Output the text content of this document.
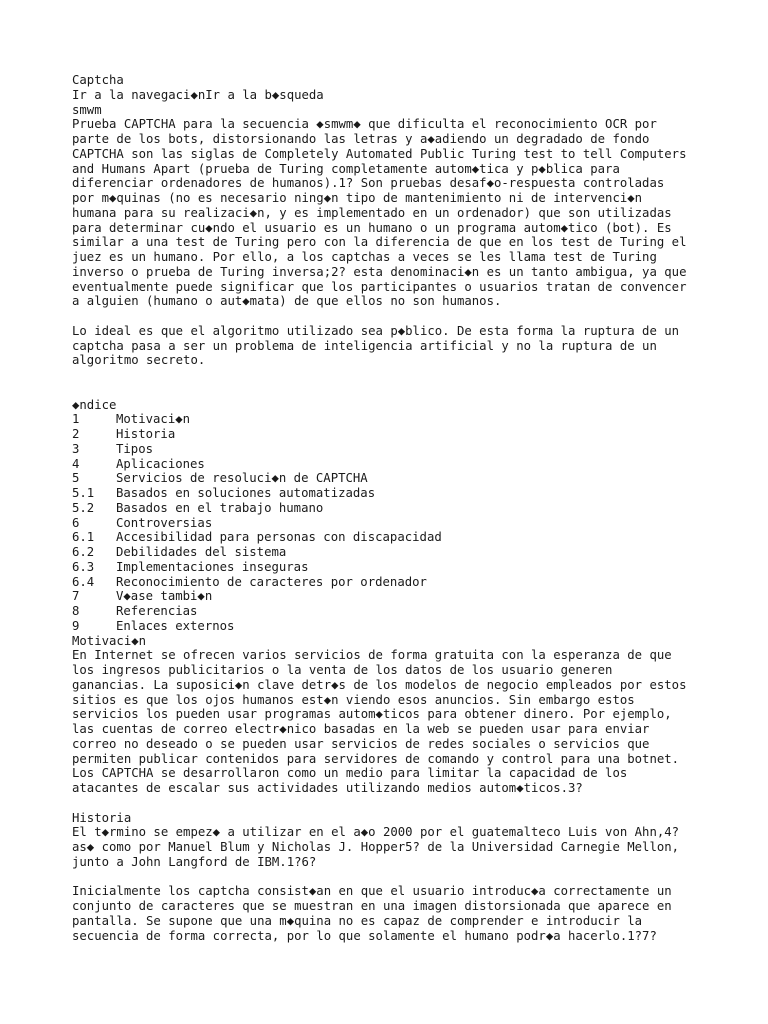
Captcha
Ir a la navegaci◆nIr a la b◆squeda
smwm
Prueba CAPTCHA para la secuencia ◆smwm◆ que dificulta el reconocimiento OCR por
parte de los bots, distorsionando las letras y a◆adiendo un degradado de fondo
CAPTCHA son las siglas de Completely Automated Public Turing test to tell Computers
and Humans Apart (prueba de Turing completamente autom◆tica y p◆blica para
diferenciar ordenadores de humanos).1? Son pruebas desaf◆o-respuesta controladas
por m◆quinas (no es necesario ning◆n tipo de mantenimiento ni de intervenci◆n
humana para su realizaci◆n, y es implementado en un ordenador) que son utilizadas
para determinar cu◆ndo el usuario es un humano o un programa autom◆tico (bot). Es
similar a una test de Turing pero con la diferencia de que en los test de Turing el
juez es un humano. Por ello, a los captchas a veces se les llama test de Turing
inverso o prueba de Turing inversa;2? esta denominaci◆n es un tanto ambigua, ya que
eventualmente puede significar que los participantes o usuarios tratan de convencer
a alguien (humano o aut◆mata) de que ellos no son humanos.
Lo ideal es que el algoritmo utilizado sea p◆blico. De esta forma la ruptura de un
captcha pasa a ser un problema de inteligencia artificial y no la ruptura de un
algoritmo secreto.
◆ndice
1	Motivaci◆n
2	Historia
3	Tipos
4	Aplicaciones
5	Servicios de resoluci◆n de CAPTCHA
5.1	Basados en soluciones automatizadas
5.2	Basados en el trabajo humano
6	Controversias
6.1	Accesibilidad para personas con discapacidad
6.2	Debilidades del sistema
6.3	Implementaciones inseguras
6.4	Reconocimiento de caracteres por ordenador
7	V◆ase tambi◆n
8	Referencias
9	Enlaces externos
Motivaci◆n
En Internet se ofrecen varios servicios de forma gratuita con la esperanza de que
los ingresos publicitarios o la venta de los datos de los usuario generen
ganancias. La suposici◆n clave detr◆s de los modelos de negocio empleados por estos
sitios es que los ojos humanos est◆n viendo esos anuncios. Sin embargo estos
servicios los pueden usar programas autom◆ticos para obtener dinero. Por ejemplo,
las cuentas de correo electr◆nico basadas en la web se pueden usar para enviar
correo no deseado o se pueden usar servicios de redes sociales o servicios que
permiten publicar contenidos para servidores de comando y control para una botnet.
Los CAPTCHA se desarrollaron como un medio para limitar la capacidad de los
atacantes de escalar sus actividades utilizando medios autom◆ticos.3?
Historia
El t◆rmino se empez◆ a utilizar en el a◆o 2000 por el guatemalteco Luis von Ahn,4?
as◆ como por Manuel Blum y Nicholas J. Hopper5? de la Universidad Carnegie Mellon,
junto a John Langford de IBM.1?6?
Inicialmente los captcha consist◆an en que el usuario introduc◆a correctamente un
conjunto de caracteres que se muestran en una imagen distorsionada que aparece en
pantalla. Se supone que una m◆quina no es capaz de comprender e introducir la
secuencia de forma correcta, por lo que solamente el humano podr◆a hacerlo.1?7?
